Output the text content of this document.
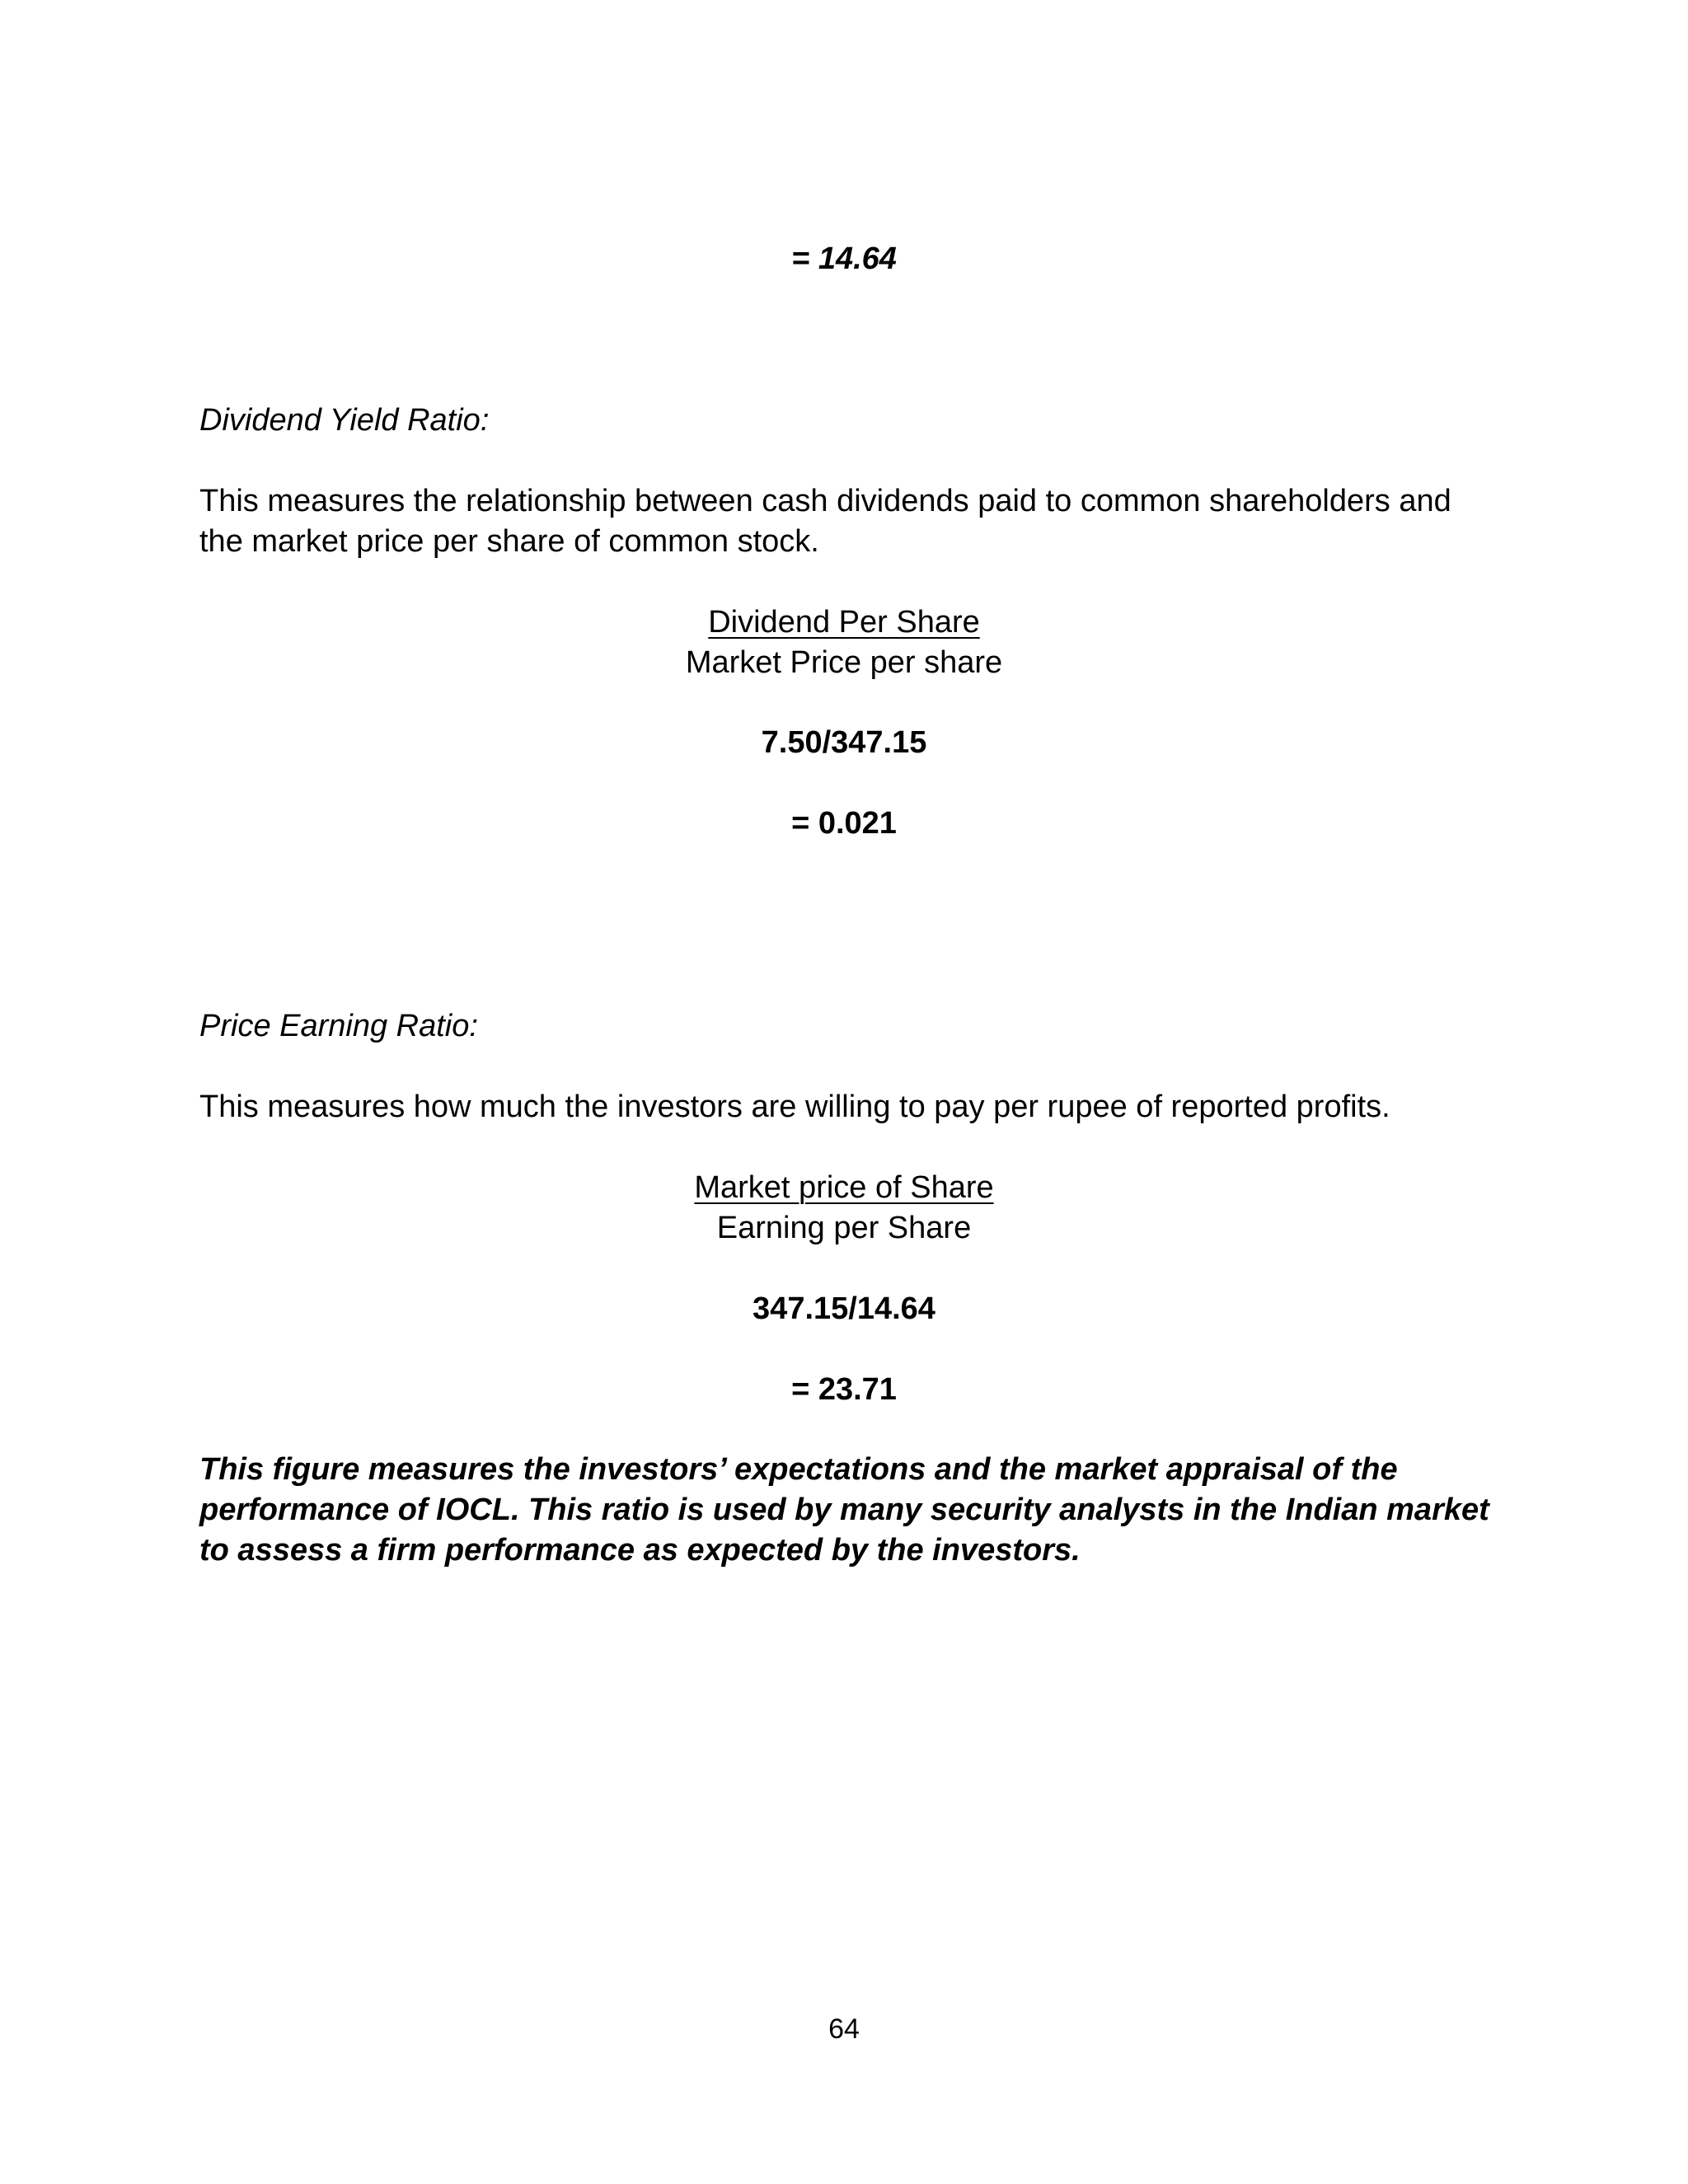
= 14.64
Dividend Yield Ratio:
This measures the relationship between cash dividends paid to common shareholders and the market price per share of common stock.
Dividend Per Share
Market Price per share
7.50/347.15
= 0.021
Price Earning Ratio:
This measures how much the investors are willing to pay per rupee of reported profits.
Market price of Share
Earning per Share
347.15/14.64
= 23.71
This figure measures the investors’ expectations and the market appraisal of the performance of IOCL. This ratio is used by many security analysts in the Indian market to assess a firm performance as expected by the investors.
64
